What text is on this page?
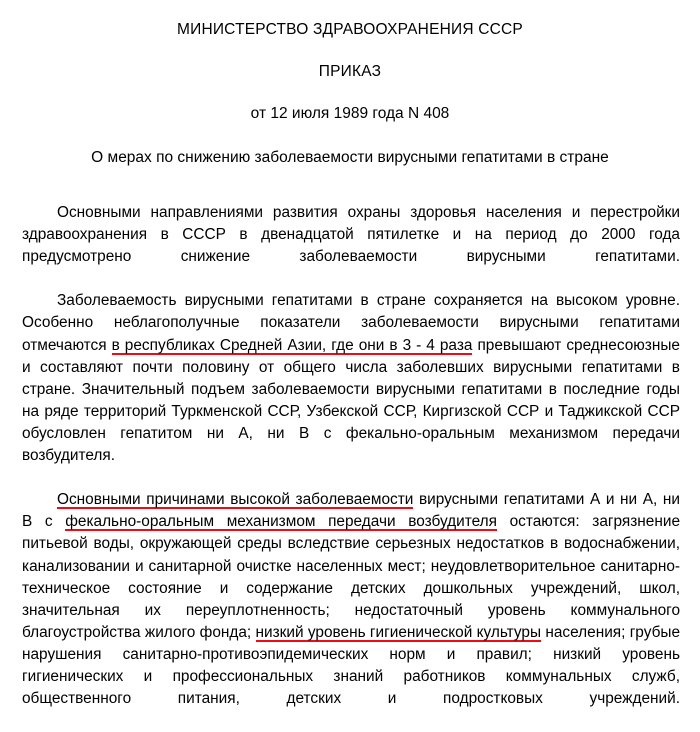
МИНИСТЕРСТВО ЗДРАВООХРАНЕНИЯ СССР
ПРИКАЗ
от 12 июля 1989 года N 408
О мерах по снижению заболеваемости вирусными гепатитами в стране

Основными направлениями развития охраны здоровья населения и перестройки здравоохранения в СССР в двенадцатой пятилетке и на период до 2000 года предусмотрено снижение заболеваемости вирусными гепатитами.

Заболеваемость вирусными гепатитами в стране сохраняется на высоком уровне. Особенно неблагополучные показатели заболеваемости вирусными гепатитами отмечаются в республиках Средней Азии, где они в 3 - 4 раза превышают среднесоюзные и составляют почти половину от общего числа заболевших вирусными гепатитами в стране. Значительный подъем заболеваемости вирусными гепатитами в последние годы на ряде территорий Туркменской ССР, Узбекской ССР, Киргизской ССР и Таджикской ССР обусловлен гепатитом ни А, ни В с фекально-оральным механизмом передачи возбудителя.

Основными причинами высокой заболеваемости вирусными гепатитами А и ни А, ни В с фекально-оральным механизмом передачи возбудителя остаются: загрязнение питьевой воды, окружающей среды вследствие серьезных недостатков в водоснабжении, канализовании и санитарной очистке населенных мест; неудовлетворительное санитарно-техническое состояние и содержание детских дошкольных учреждений, школ, значительная их переуплотненность; недостаточный уровень коммунального благоустройства жилого фонда; низкий уровень гигиенической культуры населения; грубые нарушения санитарно-противоэпидемических норм и правил; низкий уровень гигиенических и профессиональных знаний работников коммунальных служб, общественного питания, детских и подростковых учреждений.
